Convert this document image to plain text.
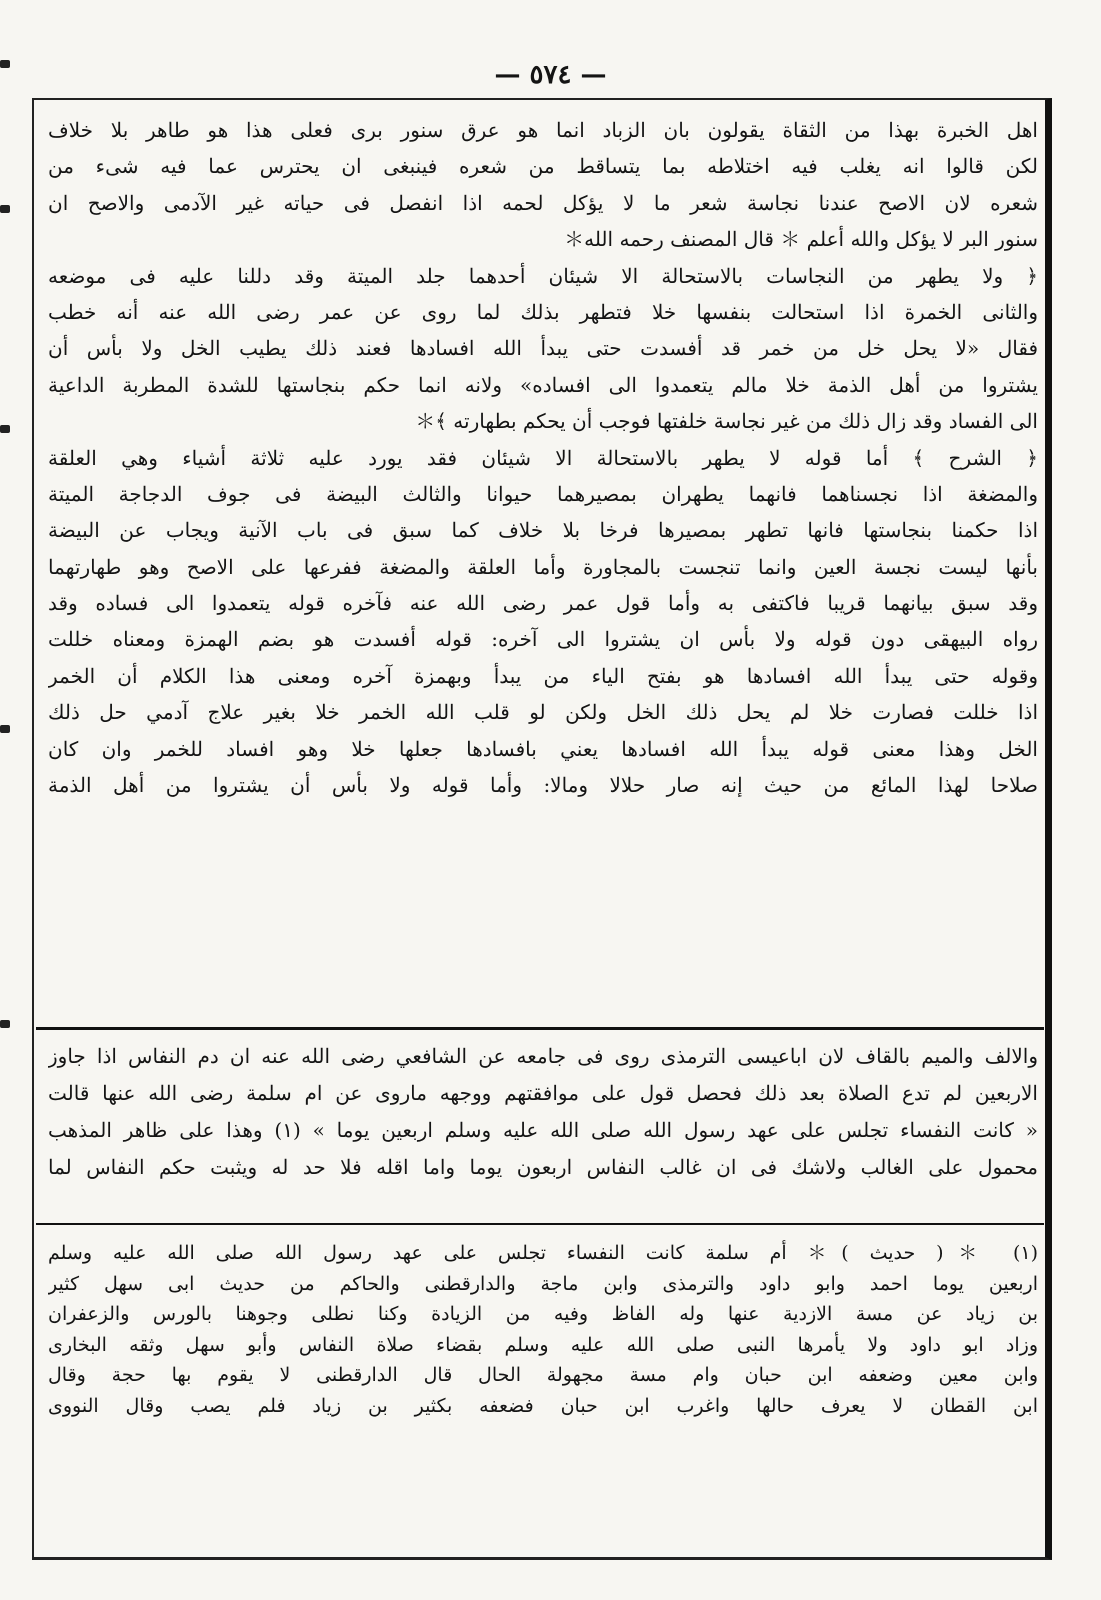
— ٥٧٤ —
اهل الخبرة بهذا من الثقاة يقولون بان الزباد انما هو عرق سنور برى فعلى هذا هو طاهر بلا خلاف
لكن قالوا انه يغلب فيه اختلاطه بما يتساقط من شعره فينبغى ان يحترس عما فيه شىء من
شعره لان الاصح عندنا نجاسة شعر ما لا يؤكل لحمه اذا انفصل فى حياته غير الآدمى والاصح ان
سنور البر لا يؤكل والله أعلم ＊ قال المصنف رحمه الله＊
﴿ ولا يطهر من النجاسات بالاستحالة الا شيئان أحدهما جلد الميتة وقد دللنا عليه فى موضعه
والثانى الخمرة اذا استحالت بنفسها خلا فتطهر بذلك لما روى عن عمر رضى الله عنه أنه خطب
فقال «لا يحل خل من خمر قد أفسدت حتى يبدأ الله افسادها فعند ذلك يطيب الخل ولا بأس أن
يشتروا من أهل الذمة خلا مالم يتعمدوا الى افساده» ولانه انما حكم بنجاستها للشدة المطربة الداعية
الى الفساد وقد زال ذلك من غير نجاسة خلفتها فوجب أن يحكم بطهارته ﴾＊
﴿ الشرح ﴾ أما قوله لا يطهر بالاستحالة الا شيئان فقد يورد عليه ثلاثة أشياء وهي العلقة
والمضغة اذا نجسناهما فانهما يطهران بمصيرهما حيوانا والثالث البيضة فى جوف الدجاجة الميتة
اذا حكمنا بنجاستها فانها تطهر بمصيرها فرخا بلا خلاف كما سبق فى باب الآنية ويجاب عن البيضة
بأنها ليست نجسة العين وانما تنجست بالمجاورة وأما العلقة والمضغة ففرعها على الاصح وهو طهارتهما
وقد سبق بيانهما قريبا فاكتفى به وأما قول عمر رضى الله عنه فآخره قوله يتعمدوا الى فساده وقد
رواه البيهقى دون قوله ولا بأس ان يشتروا الى آخره: قوله أفسدت هو بضم الهمزة ومعناه خللت
وقوله حتى يبدأ الله افسادها هو بفتح الياء من يبدأ وبهمزة آخره ومعنى هذا الكلام أن الخمر
اذا خللت فصارت خلا لم يحل ذلك الخل ولكن لو قلب الله الخمر خلا بغير علاج آدمي حل ذلك
الخل وهذا معنى قوله يبدأ الله افسادها يعني بافسادها جعلها خلا وهو افساد للخمر وان كان
صلاحا لهذا المائع من حيث إنه صار حلالا ومالا: وأما قوله ولا بأس أن يشتروا من أهل الذمة
والالف والميم بالقاف لان اباعيسى الترمذى روى فى جامعه عن الشافعي رضى الله عنه ان دم النفاس اذا جاوز
الاربعين لم تدع الصلاة بعد ذلك فحصل قول على موافقتهم ووجهه ماروى عن ام سلمة رضى الله عنها قالت
« كانت النفساء تجلس على عهد رسول الله صلى الله عليه وسلم اربعين يوما » (١) وهذا على ظاهر المذهب
محمول على الغالب ولاشك فى ان غالب النفاس اربعون يوما واما اقله فلا حد له ويثبت حكم النفاس لما
(١) ＊( حديث )＊ أم سلمة كانت النفساء تجلس على عهد رسول الله صلى الله عليه وسلم
اربعين يوما احمد وابو داود والترمذى وابن ماجة والدارقطنى والحاكم من حديث ابى سهل كثير
بن زياد عن مسة الازدية عنها وله الفاظ وفيه من الزيادة وكنا نطلى وجوهنا بالورس والزعفران
وزاد ابو داود ولا يأمرها النبى صلى الله عليه وسلم بقضاء صلاة النفاس وأبو سهل وثقه البخارى
وابن معين وضعفه ابن حبان وام مسة مجهولة الحال قال الدارقطنى لا يقوم بها حجة وقال
ابن القطان لا يعرف حالها واغرب ابن حبان فضعفه بكثير بن زياد فلم يصب وقال النووى
